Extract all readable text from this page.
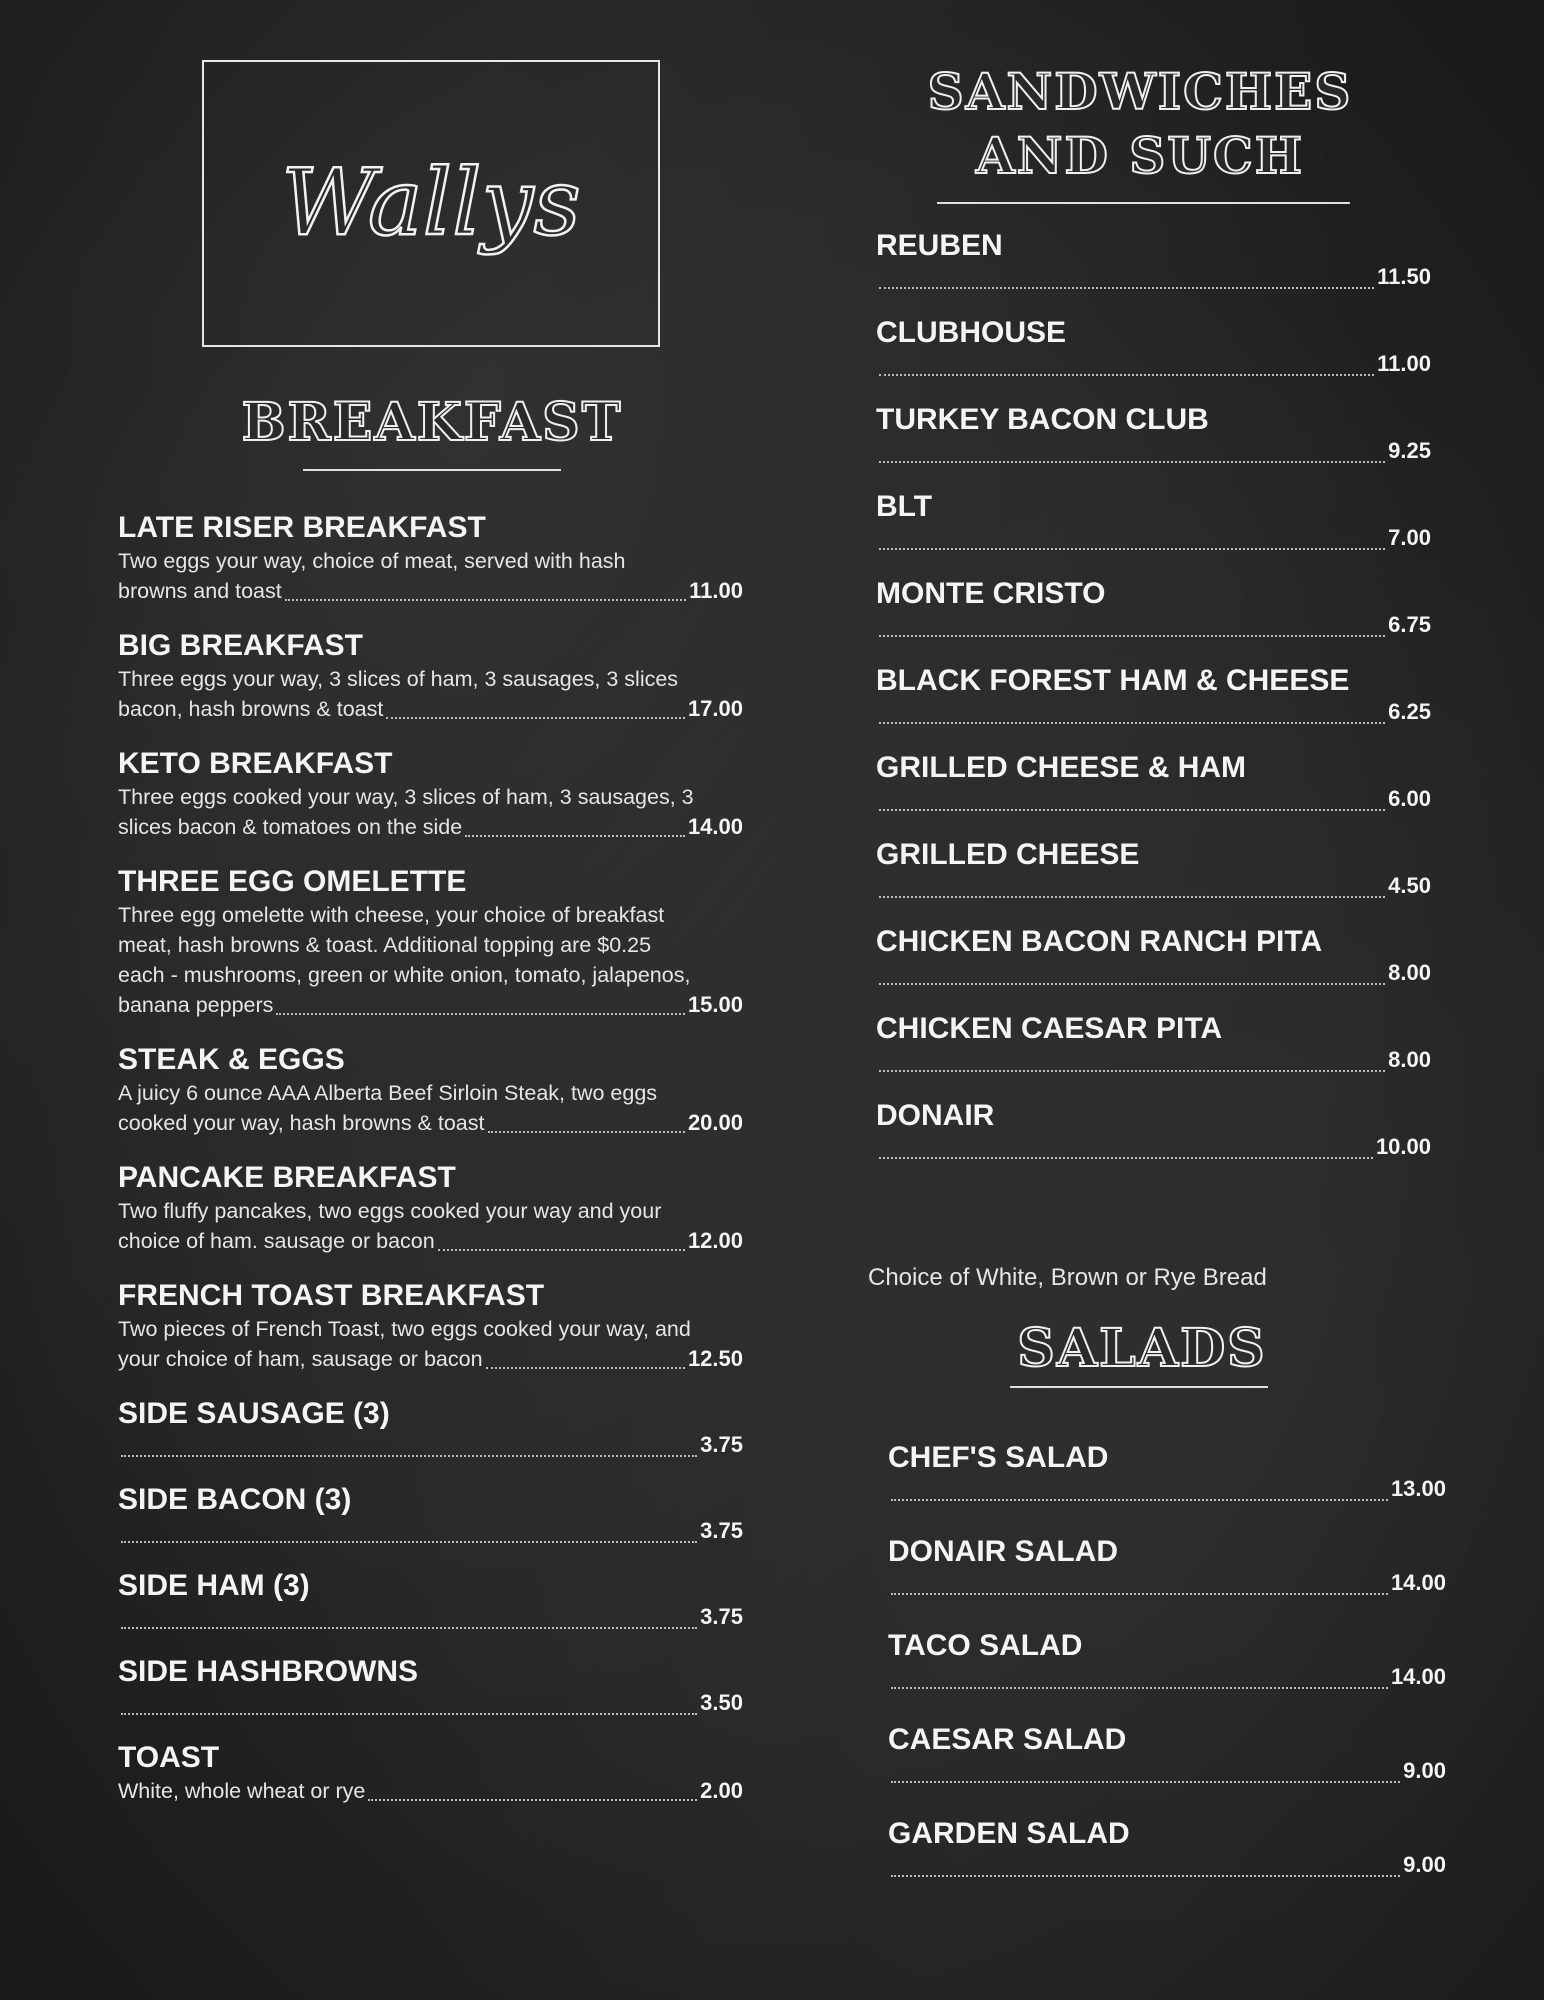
Wallys
BREAKFAST
LATE RISER BREAKFAST
Two eggs your way, choice of meat, served with hash
browns and toast	11.00
BIG BREAKFAST
Three eggs your way, 3 slices of ham, 3 sausages, 3 slices
bacon, hash browns & toast	17.00
KETO BREAKFAST
Three eggs cooked your way, 3 slices of ham, 3 sausages, 3
slices bacon & tomatoes on the side	14.00
THREE EGG OMELETTE
Three egg omelette with cheese, your choice of breakfast
meat, hash browns & toast. Additional topping are $0.25
each - mushrooms, green or white onion, tomato, jalapenos,
banana peppers	15.00
STEAK & EGGS
A juicy 6 ounce AAA Alberta Beef Sirloin Steak, two eggs
cooked your way, hash browns & toast	20.00
PANCAKE BREAKFAST
Two fluffy pancakes, two eggs cooked your way and your
choice of ham. sausage or bacon	12.00
FRENCH TOAST BREAKFAST
Two pieces of French Toast, two eggs cooked your way, and
your choice of ham, sausage or bacon	12.50
SIDE SAUSAGE (3)
3.75
SIDE BACON (3)
3.75
SIDE HAM (3)
3.75
SIDE HASHBROWNS
3.50
TOAST
White, whole wheat or rye	2.00
SANDWICHES
AND SUCH
REUBEN
11.50
CLUBHOUSE
11.00
TURKEY BACON CLUB
9.25
BLT
7.00
MONTE CRISTO
6.75
BLACK FOREST HAM & CHEESE
6.25
GRILLED CHEESE & HAM
6.00
GRILLED CHEESE
4.50
CHICKEN BACON RANCH PITA
8.00
CHICKEN CAESAR PITA
8.00
DONAIR
10.00
Choice of White, Brown or Rye Bread
SALADS
CHEF'S SALAD
13.00
DONAIR SALAD
14.00
TACO SALAD
14.00
CAESAR SALAD
9.00
GARDEN SALAD
9.00
